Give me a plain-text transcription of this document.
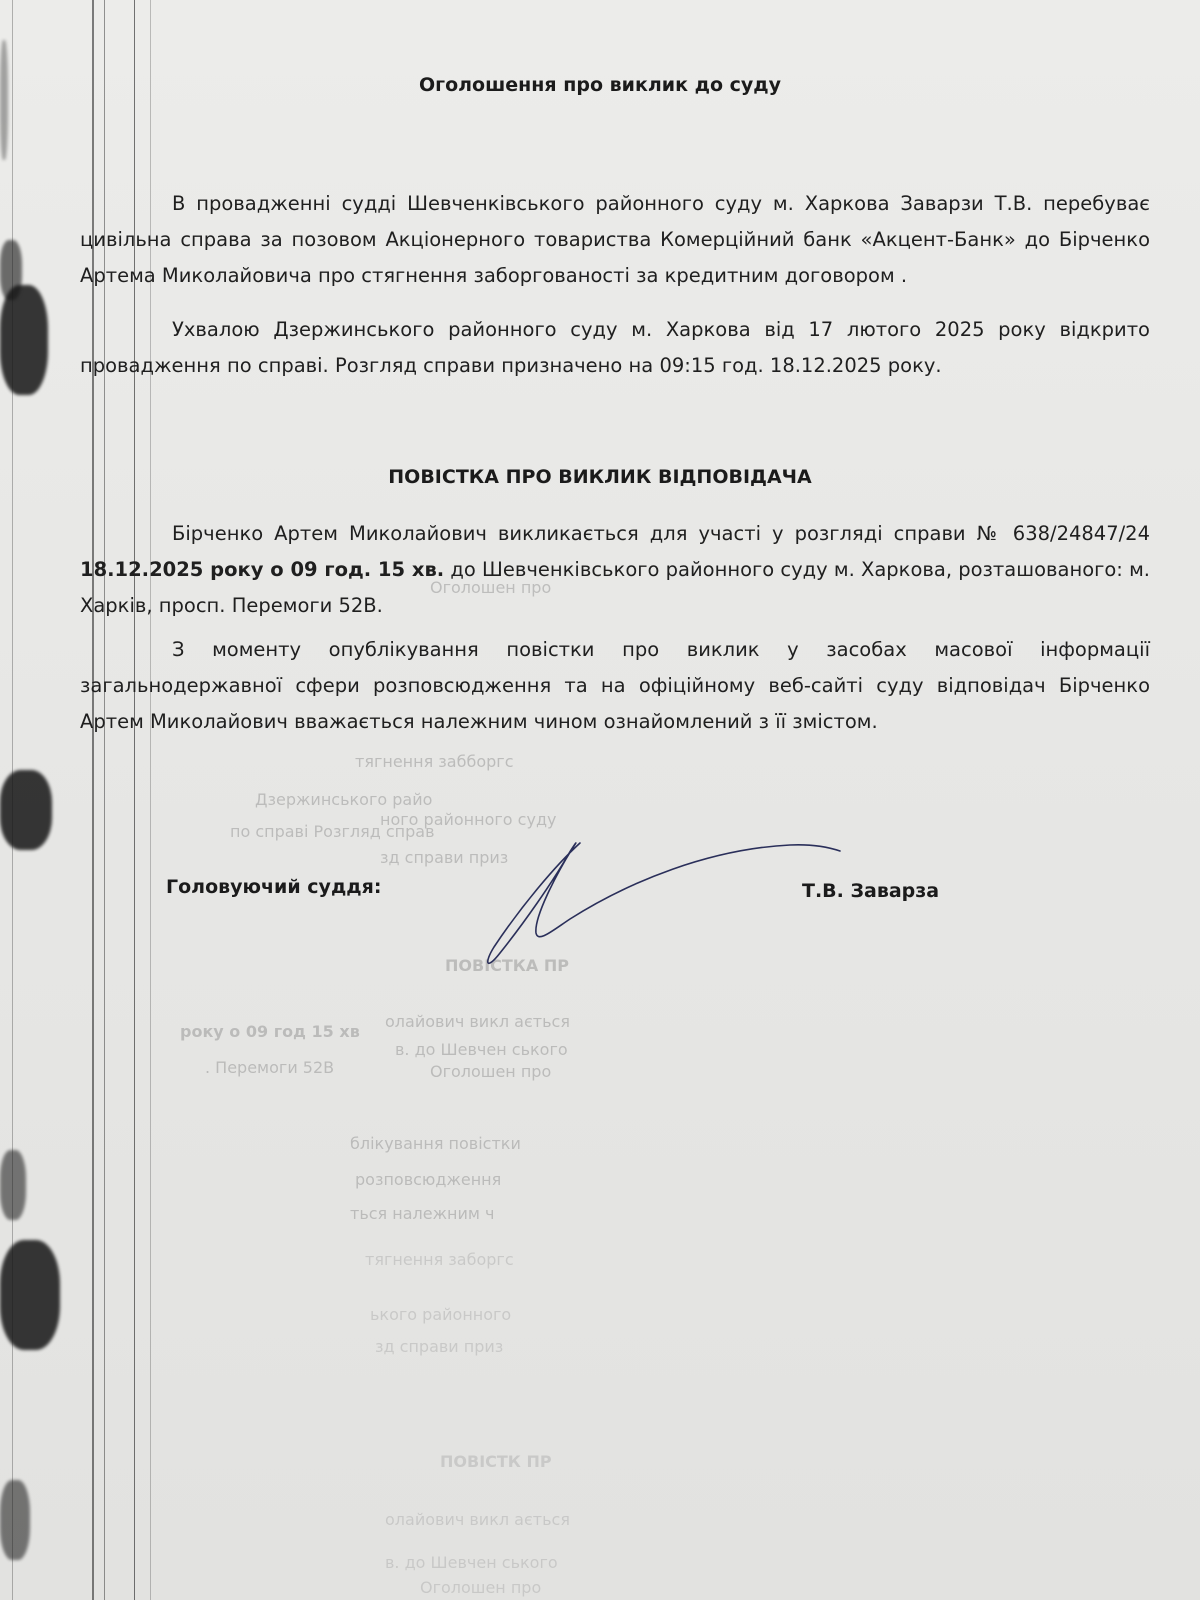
Оголошен про
тягнення забборгс
Дзержинського райо
ного районного суду
по справі Розгляд справ
зд справи приз
ПОВІСТКА ПР
олайович викл ається
року о 09 год 15 хв
в. до Шевчен ського
. Перемоги 52В	Оголошен про
блікування повістки
розповсюдження
ться належним ч
тягнення заборгс
ького районного
зд справи приз
ПОВІСТК ПР
олайович викл ається
в. до Шевчен ського
Оголошен про
Оголошення про виклик до суду
В провадженні судді Шевченківського районного суду м. Харкова Заварзи Т.В. перебуває цивільна справа за позовом Акціонерного товариства Комерційний банк «Акцент-Банк» до Бірченко Артема Миколайовича про стягнення заборгованості за кредитним договором .
Ухвалою Дзержинського районного суду м. Харкова від 17 лютого 2025 року відкрито провадження по справі. Розгляд справи призначено на 09:15 год. 18.12.2025 року.
ПОВІСТКА ПРО ВИКЛИК ВІДПОВІДАЧА
Бірченко Артем Миколайович викликається для участі у розгляді справи № 638/24847/24 18.12.2025 року о 09 год. 15 хв. до Шевченківського районного суду м. Харкова, розташованого: м. Харків, просп. Перемоги 52В.
З моменту опублікування повістки про виклик у засобах масової інформації загальнодержавної сфери розповсюдження та на офіційному веб-сайті суду відповідач Бірченко Артем Миколайович вважається належним чином ознайомлений з її змістом.
Головуючий суддя:	Т.В. Заварза
